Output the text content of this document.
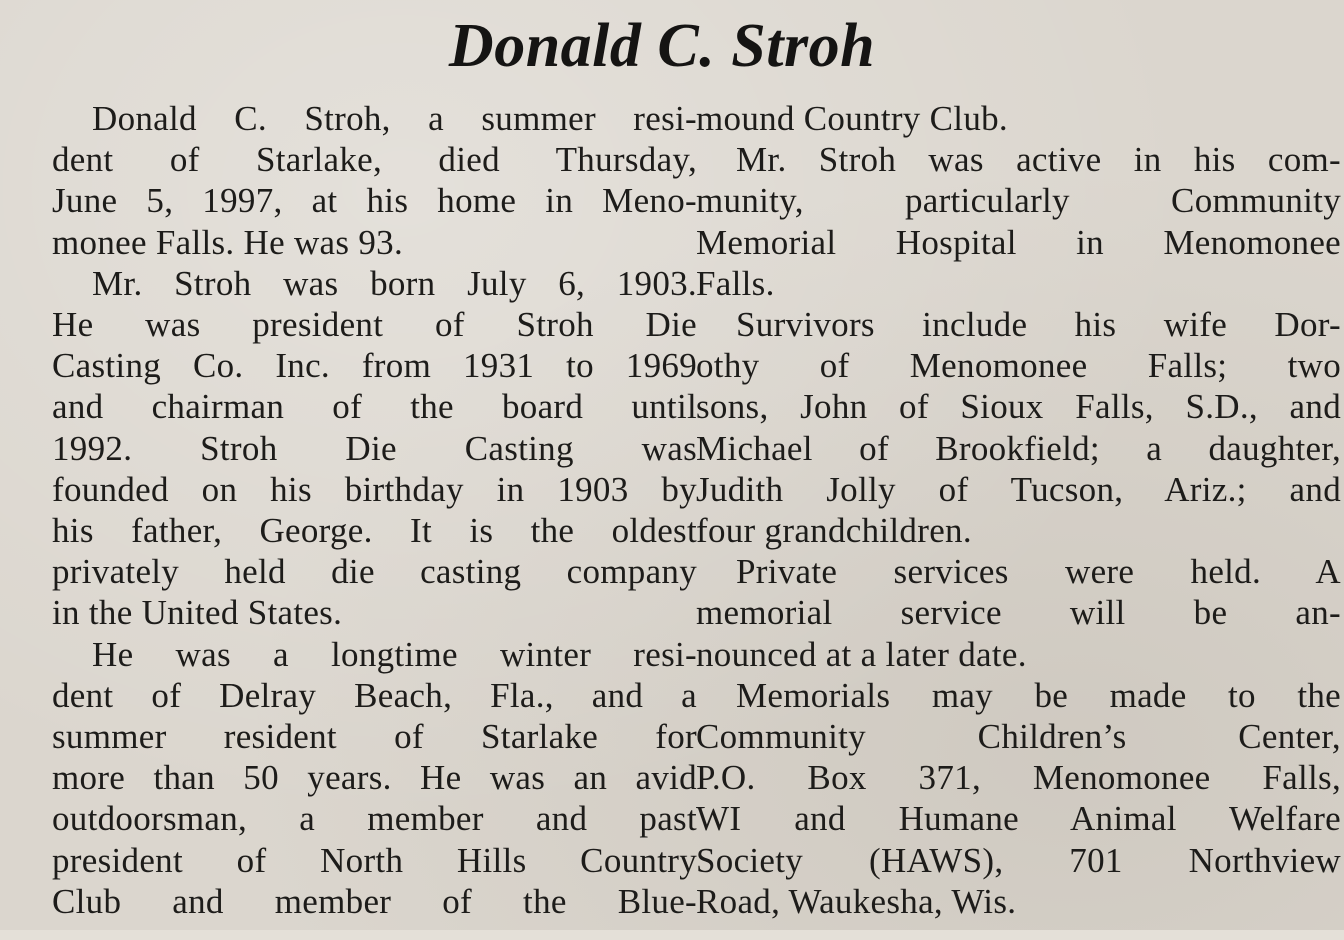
Donald C. Stroh
Donald C. Stroh, a summer resi-
dent of Starlake, died Thursday,
June 5, 1997, at his home in Meno-
monee Falls. He was 93.
Mr. Stroh was born July 6, 1903.
He was president of Stroh Die
Casting Co. Inc. from 1931 to 1969
and chairman of the board until
1992. Stroh Die Casting was
founded on his birthday in 1903 by
his father, George. It is the oldest
privately held die casting company
in the United States.
He was a longtime winter resi-
dent of Delray Beach, Fla., and a
summer resident of Starlake for
more than 50 years. He was an avid
outdoorsman, a member and past
president of North Hills Country
Club and member of the Blue-
mound Country Club.
Mr. Stroh was active in his com-
munity, particularly Community
Memorial Hospital in Menomonee
Falls.
Survivors include his wife Dor-
othy of Menomonee Falls; two
sons, John of Sioux Falls, S.D., and
Michael of Brookfield; a daughter,
Judith Jolly of Tucson, Ariz.; and
four grandchildren.
Private services were held. A
memorial service will be an-
nounced at a later date.
Memorials may be made to the
Community Children’s Center,
P.O. Box 371, Menomonee Falls,
WI and Humane Animal Welfare
Society (HAWS), 701 Northview
Road, Waukesha, Wis.
